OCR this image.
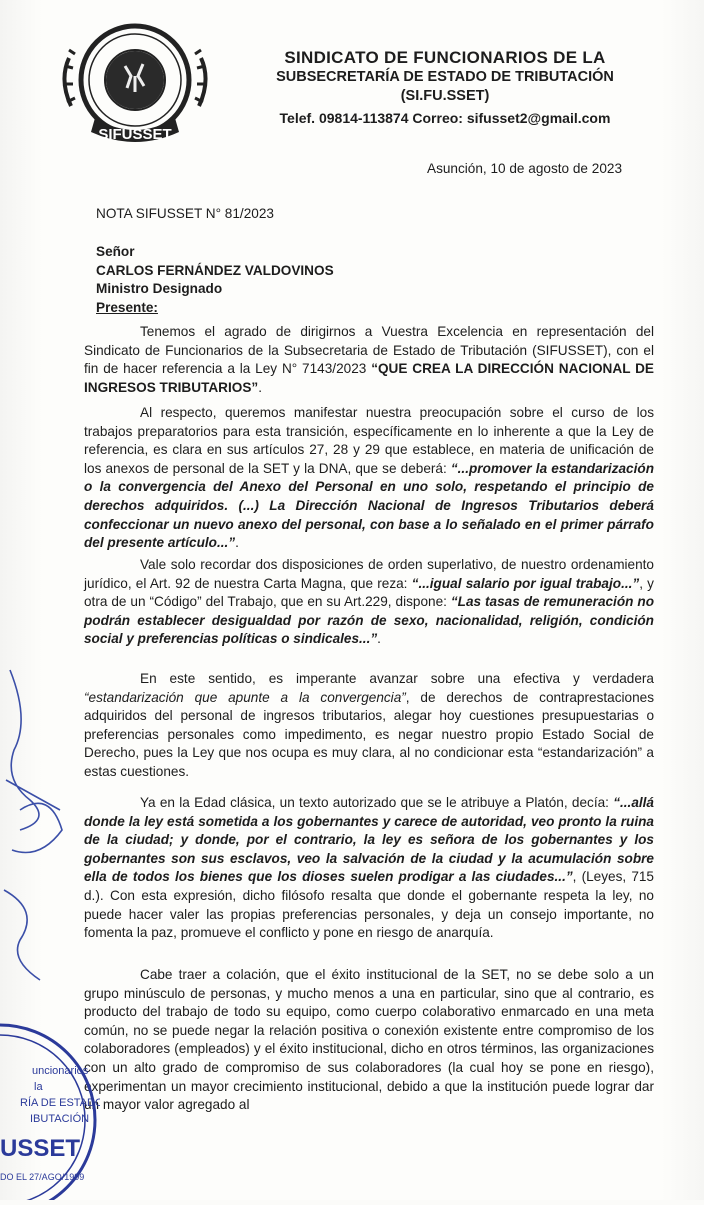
SIFUSSET
SINDICATO DE FUNCIONARIOS DE LA
SUBSECRETARÍA DE ESTADO DE TRIBUTACIÓN
(SI.FU.SSET)
Telef. 09814-113874 Correo: sifusset2@gmail.com
Asunción, 10 de agosto de 2023
NOTA SIFUSSET N° 81/2023
Señor
CARLOS FERNÁNDEZ VALDOVINOS
Ministro Designado
Presente:
Tenemos el agrado de dirigirnos a Vuestra Excelencia en representación del Sindicato de Funcionarios de la Subsecretaria de Estado de Tributación (SIFUSSET), con el fin de hacer referencia a la Ley N° 7143/2023 “QUE CREA LA DIRECCIÓN NACIONAL DE INGRESOS TRIBUTARIOS”.
Al respecto, queremos manifestar nuestra preocupación sobre el curso de los trabajos preparatorios para esta transición, específicamente en lo inherente a que la Ley de referencia, es clara en sus artículos 27, 28 y 29 que establece, en materia de unificación de los anexos de personal de la SET y la DNA, que se deberá: “...promover la estandarización o la convergencia del Anexo del Personal en uno solo, respetando el principio de derechos adquiridos. (...) La Dirección Nacional de Ingresos Tributarios deberá confeccionar un nuevo anexo del personal, con base a lo señalado en el primer párrafo del presente artículo...”.
Vale solo recordar dos disposiciones de orden superlativo, de nuestro ordenamiento jurídico, el Art. 92 de nuestra Carta Magna, que reza: “...igual salario por igual trabajo...”, y otra de un “Código” del Trabajo, que en su Art.229, dispone: “Las tasas de remuneración no podrán establecer desigualdad por razón de sexo, nacionalidad, religión, condición social y preferencias políticas o sindicales...”.
En este sentido, es imperante avanzar sobre una efectiva y verdadera “estandarización que apunte a la convergencia”, de derechos de contraprestaciones adquiridos del personal de ingresos tributarios, alegar hoy cuestiones presupuestarias o preferencias personales como impedimento, es negar nuestro propio Estado Social de Derecho, pues la Ley que nos ocupa es muy clara, al no condicionar esta “estandarización” a estas cuestiones.
Ya en la Edad clásica, un texto autorizado que se le atribuye a Platón, decía: “...allá donde la ley está sometida a los gobernantes y carece de autoridad, veo pronto la ruina de la ciudad; y donde, por el contrario, la ley es señora de los gobernantes y los gobernantes son sus esclavos, veo la salvación de la ciudad y la acumulación sobre ella de todos los bienes que los dioses suelen prodigar a las ciudades...”, (Leyes, 715 d.). Con esta expresión, dicho filósofo resalta que donde el gobernante respeta la ley, no puede hacer valer las propias preferencias personales, y deja un consejo importante, no fomenta la paz, promueve el conflicto y pone en riesgo de anarquía.
Cabe traer a colación, que el éxito institucional de la SET, no se debe solo a un grupo minúsculo de personas, y mucho menos a una en particular, sino que al contrario, es producto del trabajo de todo su equipo, como cuerpo colaborativo enmarcado en una meta común, no se puede negar la relación positiva o conexión existente entre compromiso de los colaboradores (empleados) y el éxito institucional, dicho en otros términos, las organizaciones con un alto grado de compromiso de sus colaboradores (la cual hoy se pone en riesgo), experimentan un mayor crecimiento institucional, debido a que la institución puede lograr dar un mayor valor agregado al
uncionarios
la
RÍA DE ESTADO
IBUTACIÓN
USSET
DO EL 27/AGO/1999
